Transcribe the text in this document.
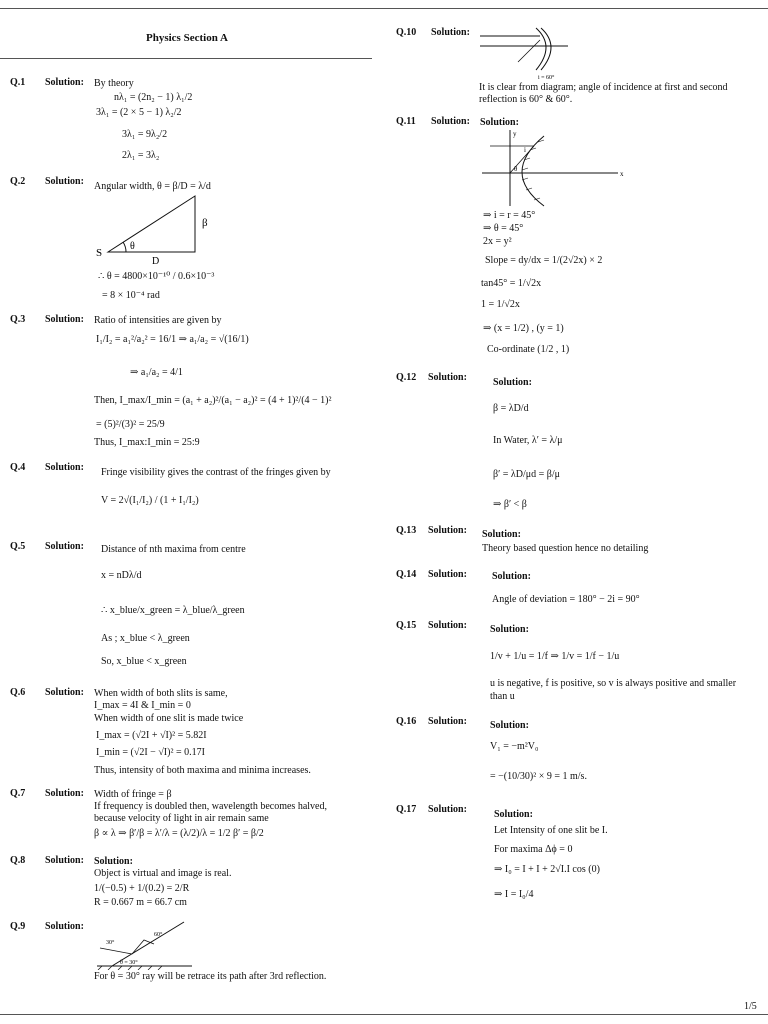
Physics Section A
1/5
Q.1 Solution: By theory
nλ₁ = (2n₂ − 1) λ₁/2
3λ₁ = (2 × 5 − 1) λ₂/2
3λ₁ = 9λ₂/2
2λ₁ = 3λ₂
Q.2 Solution: Angular width, θ = β/D = λ/d
β
S
θ
D
∴ θ = 4800×10⁻¹⁰ / 0.6×10⁻³
= 8 × 10⁻⁴ rad
Q.3 Solution: Ratio of intensities are given by
I₁/I₂ = a₁²/a₂² = 16/1 ⇒ a₁/a₂ = √(16/1)
⇒ a₁/a₂ = 4/1
Then, I_max/I_min = (a₁ + a₂)²/(a₁ − a₂)² = (4 + 1)²/(4 − 1)²
= (5)²/(3)² = 25/9
Thus, I_max:I_min = 25:9
Q.4 Solution: Fringe visibility gives the contrast of the fringes given by
V = 2√(I₁/I₂) / (1 + I₁/I₂)
Q.5 Solution: Distance of nth maxima from centre
x = nDλ/d
∴ x_blue/x_green = λ_blue/λ_green
As ; x_blue < λ_green
So, x_blue < x_green
Q.6 Solution: When width of both slits is same,
I_max = 4I & I_min = 0
When width of one slit is made twice
I_max = (√2I + √I)² = 5.82I
I_min = (√2I − √I)² = 0.17I
Thus, intensity of both maxima and minima increases.
Q.7 Solution: Width of fringe = β
If frequency is doubled then, wavelength becomes halved,
because velocity of light in air remain same
β ∝ λ ⇒ β′/β = λ′/λ = (λ/2)/λ = 1/2 β′ = β/2
Q.8 Solution: Solution:
Object is virtual and image is real.
1/(−0.5) + 1/(0.2) = 2/R
R = 0.667 m = 66.7 cm
Q.9 Solution:
30°
60°
θ = 30°
For θ = 30° ray will be retrace its path after 3rd reflection.
Q.10 Solution:
i = 60°
It is clear from diagram; angle of incidence at first and second
reflection is 60° & 60°.
Q.11 Solution: Solution:
y
x
i
θ
⇒ i = r = 45°
⇒ θ = 45°
2x = y²
Slope = dy/dx = 1/(2√2x) × 2
tan45° = 1/√2x
1 = 1/√2x
⇒ (x = 1/2) , (y = 1)
Co-ordinate (1/2 , 1)
Q.12 Solution:	Solution:
β = λD/d
In Water, λ′ = λ/μ
β′ = λD/μd = β/μ
⇒ β′ < β
Q.13 Solution: Solution:
Theory based question hence no detailing
Q.14 Solution:	Solution:
Angle of deviation = 180° − 2i = 90°
Q.15 Solution: Solution:
1/v + 1/u = 1/f ⇒ 1/v = 1/f − 1/u
u is negative, f is positive, so v is always positive and smaller
than u
Q.16 Solution: Solution:
V₁ = −m²V₀
= −(10/30)² × 9 = 1 m/s.
Q.17 Solution:	Solution:
Let Intensity of one slit be I.
For maxima Δϕ = 0
⇒ I₀ = I + I + 2√I.I cos (0)
⇒ I = I₀/4
